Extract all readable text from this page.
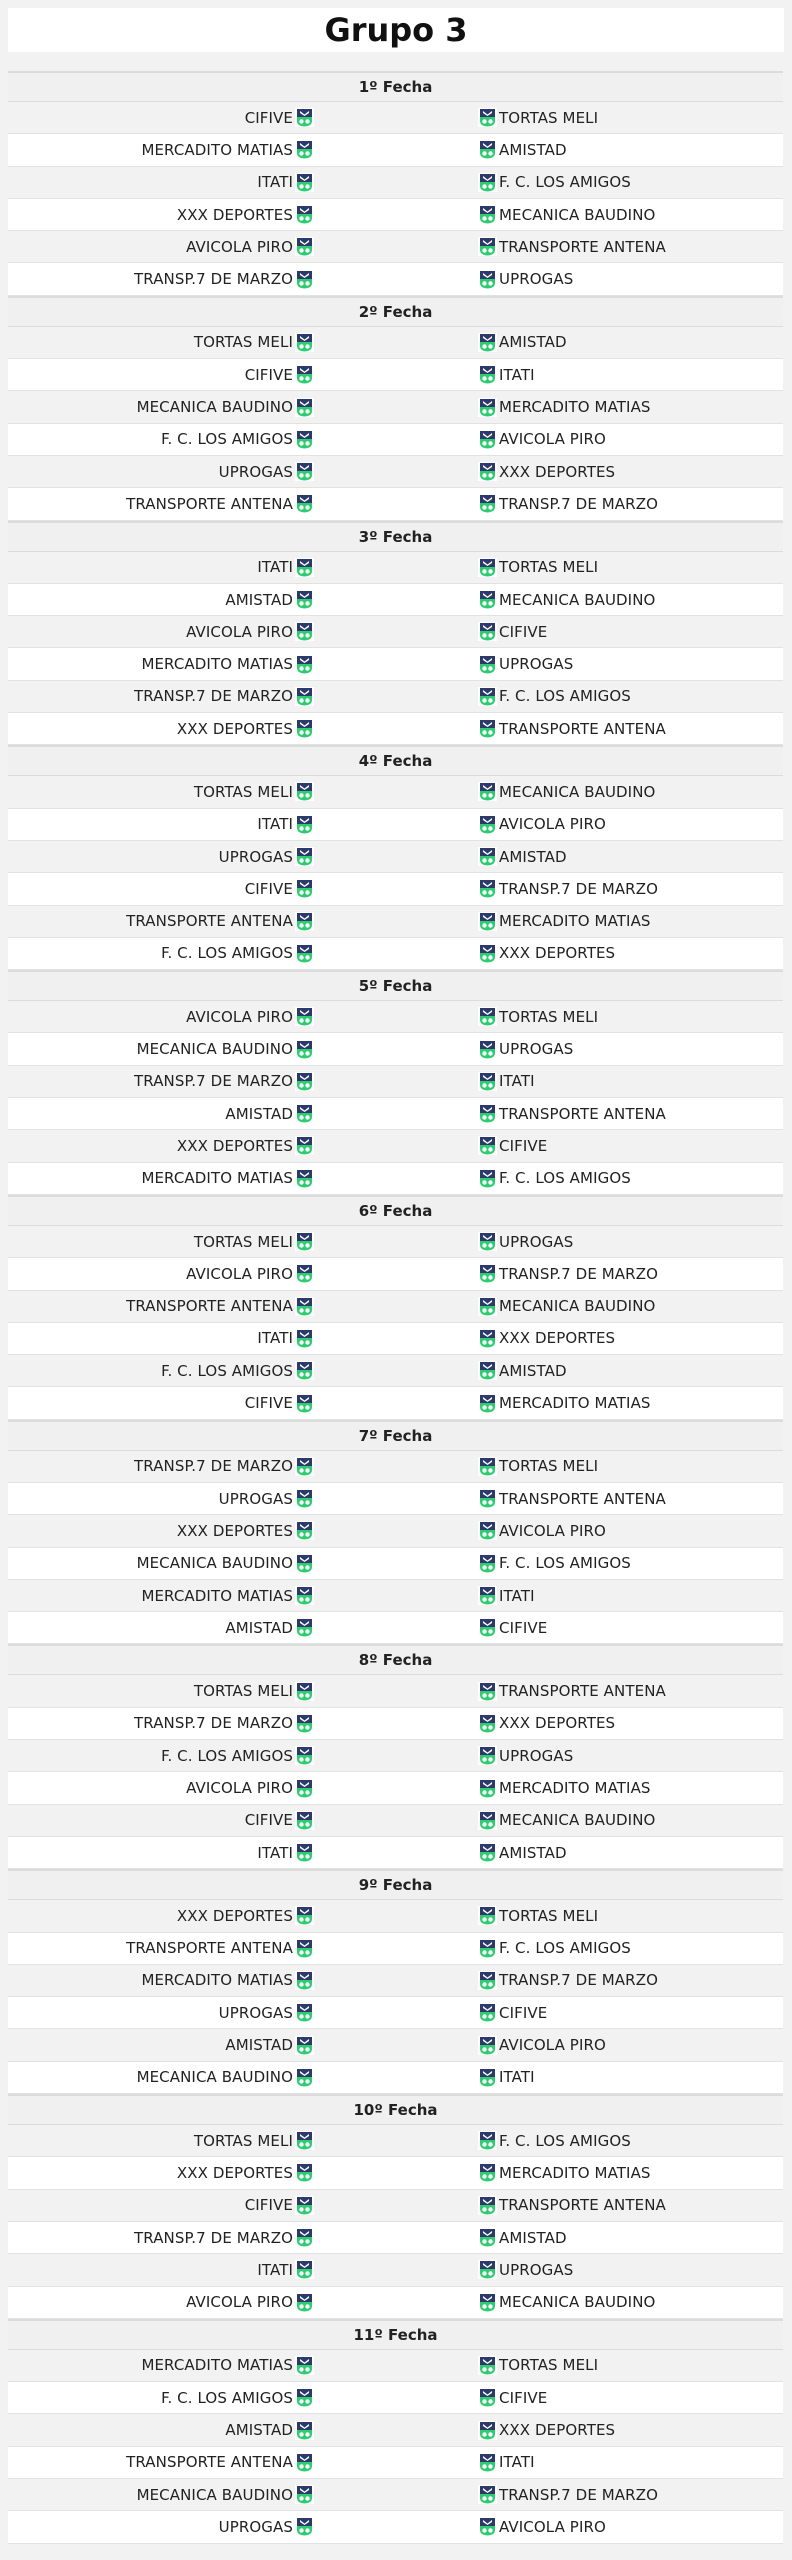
Grupo 3
1º Fecha
CIFIVE	TORTAS MELI
MERCADITO MATIAS	AMISTAD
ITATI	F. C. LOS AMIGOS
XXX DEPORTES	MECANICA BAUDINO
AVICOLA PIRO	TRANSPORTE ANTENA
TRANSP.7 DE MARZO	UPROGAS
2º Fecha
TORTAS MELI	AMISTAD
CIFIVE	ITATI
MECANICA BAUDINO	MERCADITO MATIAS
F. C. LOS AMIGOS	AVICOLA PIRO
UPROGAS	XXX DEPORTES
TRANSPORTE ANTENA	TRANSP.7 DE MARZO
3º Fecha
ITATI	TORTAS MELI
AMISTAD	MECANICA BAUDINO
AVICOLA PIRO	CIFIVE
MERCADITO MATIAS	UPROGAS
TRANSP.7 DE MARZO	F. C. LOS AMIGOS
XXX DEPORTES	TRANSPORTE ANTENA
4º Fecha
TORTAS MELI	MECANICA BAUDINO
ITATI	AVICOLA PIRO
UPROGAS	AMISTAD
CIFIVE	TRANSP.7 DE MARZO
TRANSPORTE ANTENA	MERCADITO MATIAS
F. C. LOS AMIGOS	XXX DEPORTES
5º Fecha
AVICOLA PIRO	TORTAS MELI
MECANICA BAUDINO	UPROGAS
TRANSP.7 DE MARZO	ITATI
AMISTAD	TRANSPORTE ANTENA
XXX DEPORTES	CIFIVE
MERCADITO MATIAS	F. C. LOS AMIGOS
6º Fecha
TORTAS MELI	UPROGAS
AVICOLA PIRO	TRANSP.7 DE MARZO
TRANSPORTE ANTENA	MECANICA BAUDINO
ITATI	XXX DEPORTES
F. C. LOS AMIGOS	AMISTAD
CIFIVE	MERCADITO MATIAS
7º Fecha
TRANSP.7 DE MARZO	TORTAS MELI
UPROGAS	TRANSPORTE ANTENA
XXX DEPORTES	AVICOLA PIRO
MECANICA BAUDINO	F. C. LOS AMIGOS
MERCADITO MATIAS	ITATI
AMISTAD	CIFIVE
8º Fecha
TORTAS MELI	TRANSPORTE ANTENA
TRANSP.7 DE MARZO	XXX DEPORTES
F. C. LOS AMIGOS	UPROGAS
AVICOLA PIRO	MERCADITO MATIAS
CIFIVE	MECANICA BAUDINO
ITATI	AMISTAD
9º Fecha
XXX DEPORTES	TORTAS MELI
TRANSPORTE ANTENA	F. C. LOS AMIGOS
MERCADITO MATIAS	TRANSP.7 DE MARZO
UPROGAS	CIFIVE
AMISTAD	AVICOLA PIRO
MECANICA BAUDINO	ITATI
10º Fecha
TORTAS MELI	F. C. LOS AMIGOS
XXX DEPORTES	MERCADITO MATIAS
CIFIVE	TRANSPORTE ANTENA
TRANSP.7 DE MARZO	AMISTAD
ITATI	UPROGAS
AVICOLA PIRO	MECANICA BAUDINO
11º Fecha
MERCADITO MATIAS	TORTAS MELI
F. C. LOS AMIGOS	CIFIVE
AMISTAD	XXX DEPORTES
TRANSPORTE ANTENA	ITATI
MECANICA BAUDINO	TRANSP.7 DE MARZO
UPROGAS	AVICOLA PIRO
